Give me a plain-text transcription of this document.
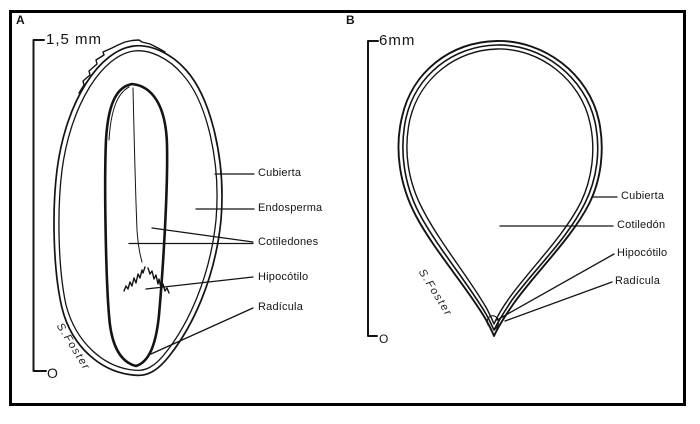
A
1,5 mm
O
Cubierta
Endosperma
Cotiledones
Hipocótilo
Radícula
S.Foster
B
6mm
O
Cubierta
Cotiledón
Hipocótilo
Radícula
S.Foster
